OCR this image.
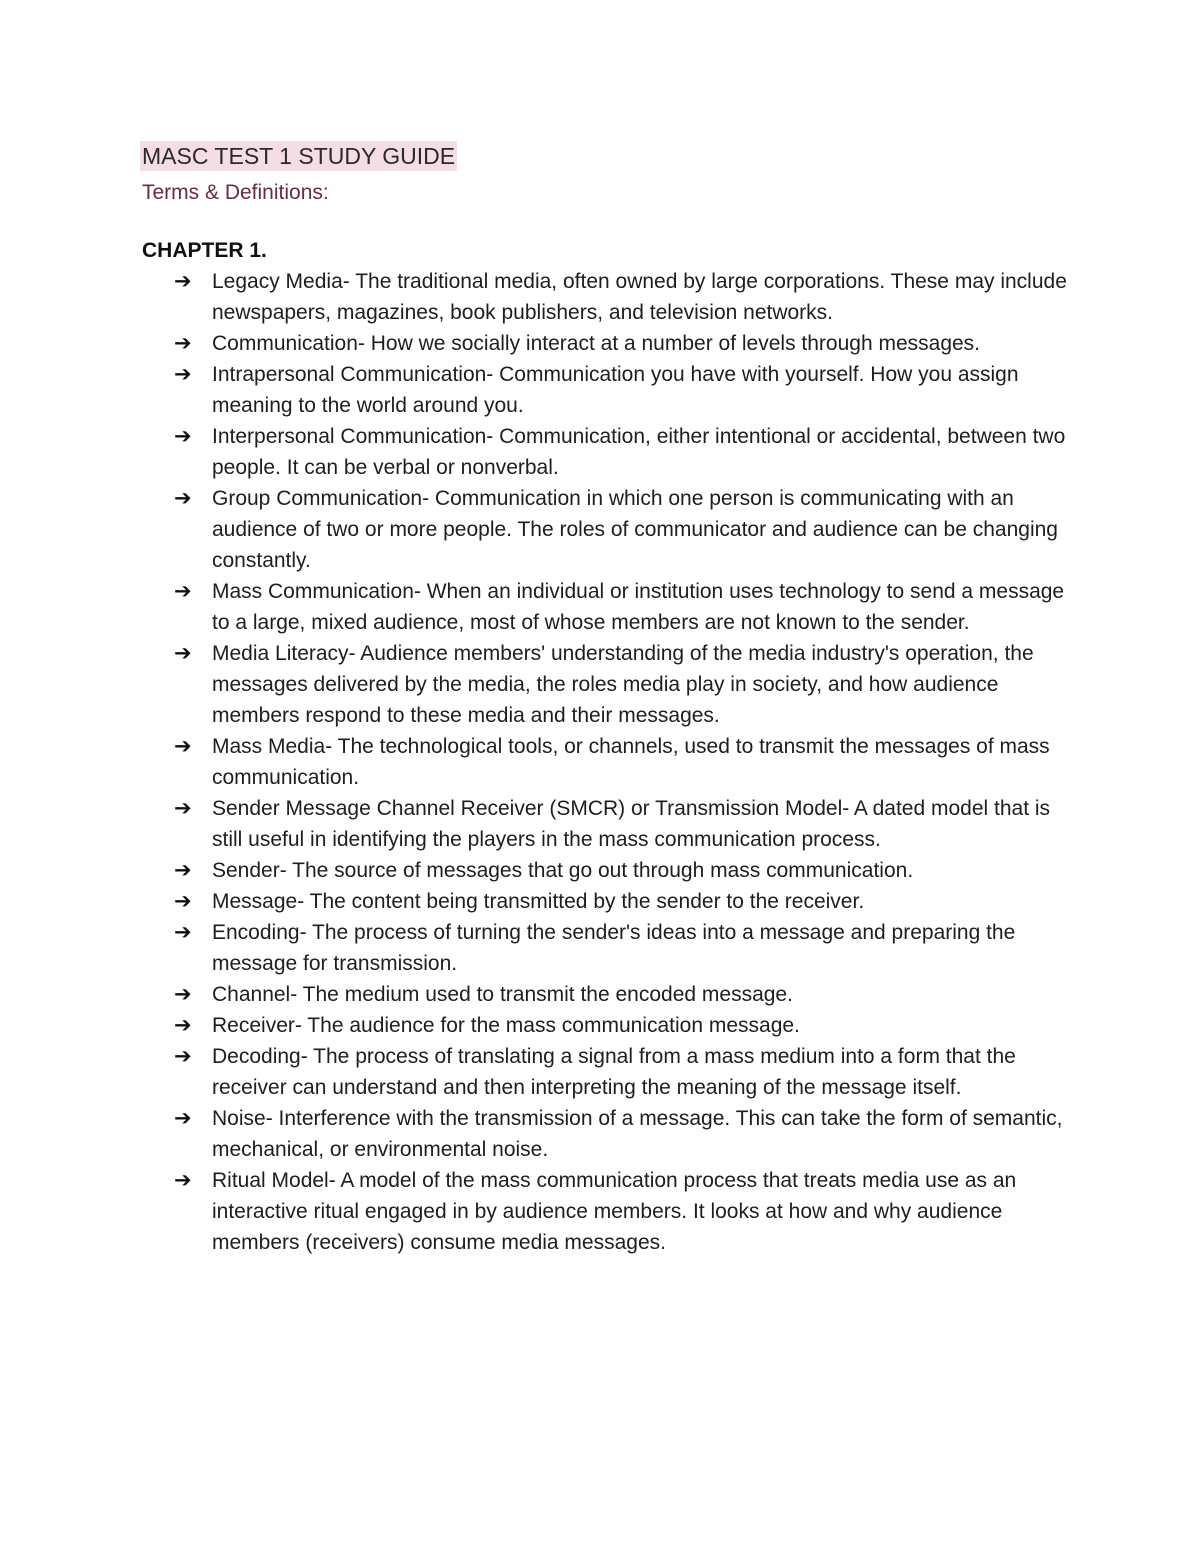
MASC TEST 1 STUDY GUIDE
Terms & Definitions:
CHAPTER 1.
➔ Legacy Media- The traditional media, often owned by large corporations. These may include newspapers, magazines, book publishers, and television networks.
➔ Communication- How we socially interact at a number of levels through messages.
➔ Intrapersonal Communication- Communication you have with yourself. How you assign meaning to the world around you.
➔ Interpersonal Communication- Communication, either intentional or accidental, between two people. It can be verbal or nonverbal.
➔ Group Communication- Communication in which one person is communicating with an audience of two or more people. The roles of communicator and audience can be changing constantly.
➔ Mass Communication- When an individual or institution uses technology to send a message to a large, mixed audience, most of whose members are not known to the sender.
➔ Media Literacy- Audience members' understanding of the media industry's operation, the messages delivered by the media, the roles media play in society, and how audience members respond to these media and their messages.
➔ Mass Media- The technological tools, or channels, used to transmit the messages of mass communication.
➔ Sender Message Channel Receiver (SMCR) or Transmission Model- A dated model that is still useful in identifying the players in the mass communication process.
➔ Sender- The source of messages that go out through mass communication.
➔ Message- The content being transmitted by the sender to the receiver.
➔ Encoding- The process of turning the sender's ideas into a message and preparing the message for transmission.
➔ Channel- The medium used to transmit the encoded message.
➔ Receiver- The audience for the mass communication message.
➔ Decoding- The process of translating a signal from a mass medium into a form that the receiver can understand and then interpreting the meaning of the message itself.
➔ Noise- Interference with the transmission of a message. This can take the form of semantic, mechanical, or environmental noise.
➔ Ritual Model- A model of the mass communication process that treats media use as an interactive ritual engaged in by audience members. It looks at how and why audience members (receivers) consume media messages.
